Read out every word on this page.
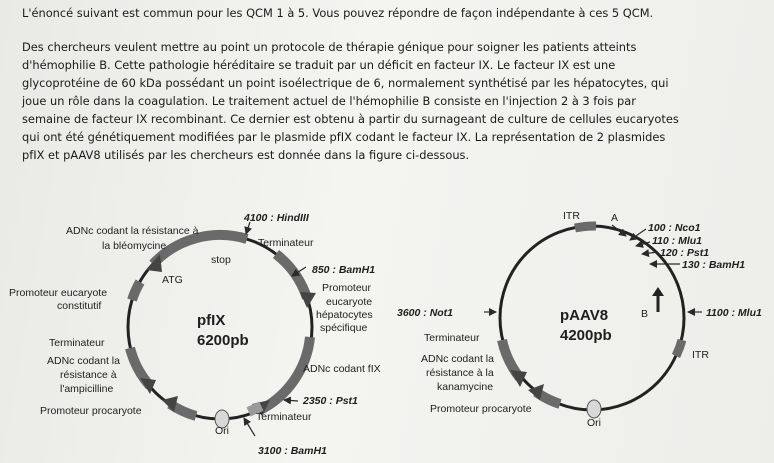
L'énoncé suivant est commun pour les QCM 1 à 5. Vous pouvez répondre de façon indépendante à ces 5 QCM.

Des chercheurs veulent mettre au point un protocole de thérapie génique pour soigner les patients atteints
d'hémophilie B. Cette pathologie héréditaire se traduit par un déficit en facteur IX. Le facteur IX est une
glycoprotéine de 60 kDa possédant un point isoélectrique de 6, normalement synthétisé par les hépatocytes, qui
joue un rôle dans la coagulation. Le traitement actuel de l'hémophilie B consiste en l'injection 2 à 3 fois par
semaine de facteur IX recombinant. Ce dernier est obtenu à partir du surnageant de culture de cellules eucaryotes
qui ont été génétiquement modifiées par le plasmide pfIX codant le facteur IX. La représentation de 2 plasmides
pfIX et pAAV8 utilisés par les chercheurs est donnée dans la figure ci-dessous.
4100 : HindIII
ADNc codant la résistance à
la bléomycine	Terminateur
stop
ATG
850 : BamH1
Promoteur eucaryote
constitutif
Promoteur
eucaryote
hépatocytes
spécifique
pfIX
6200pb
Terminateur
ADNc codant la
résistance à
l'ampicilline
ADNc codant fIX
2350 : Pst1
Promoteur procaryote	Terminateur
Ori
3100 : BamH1
ITR	A
100 : Nco1
110 : Mlu1
120 : Pst1
130 : BamH1
3600 : Not1	pAAV8
4200pb
B	1100 : Mlu1
Terminateur
ITR
ADNc codant la
résistance à la
kanamycine
Promoteur procaryote
Ori
